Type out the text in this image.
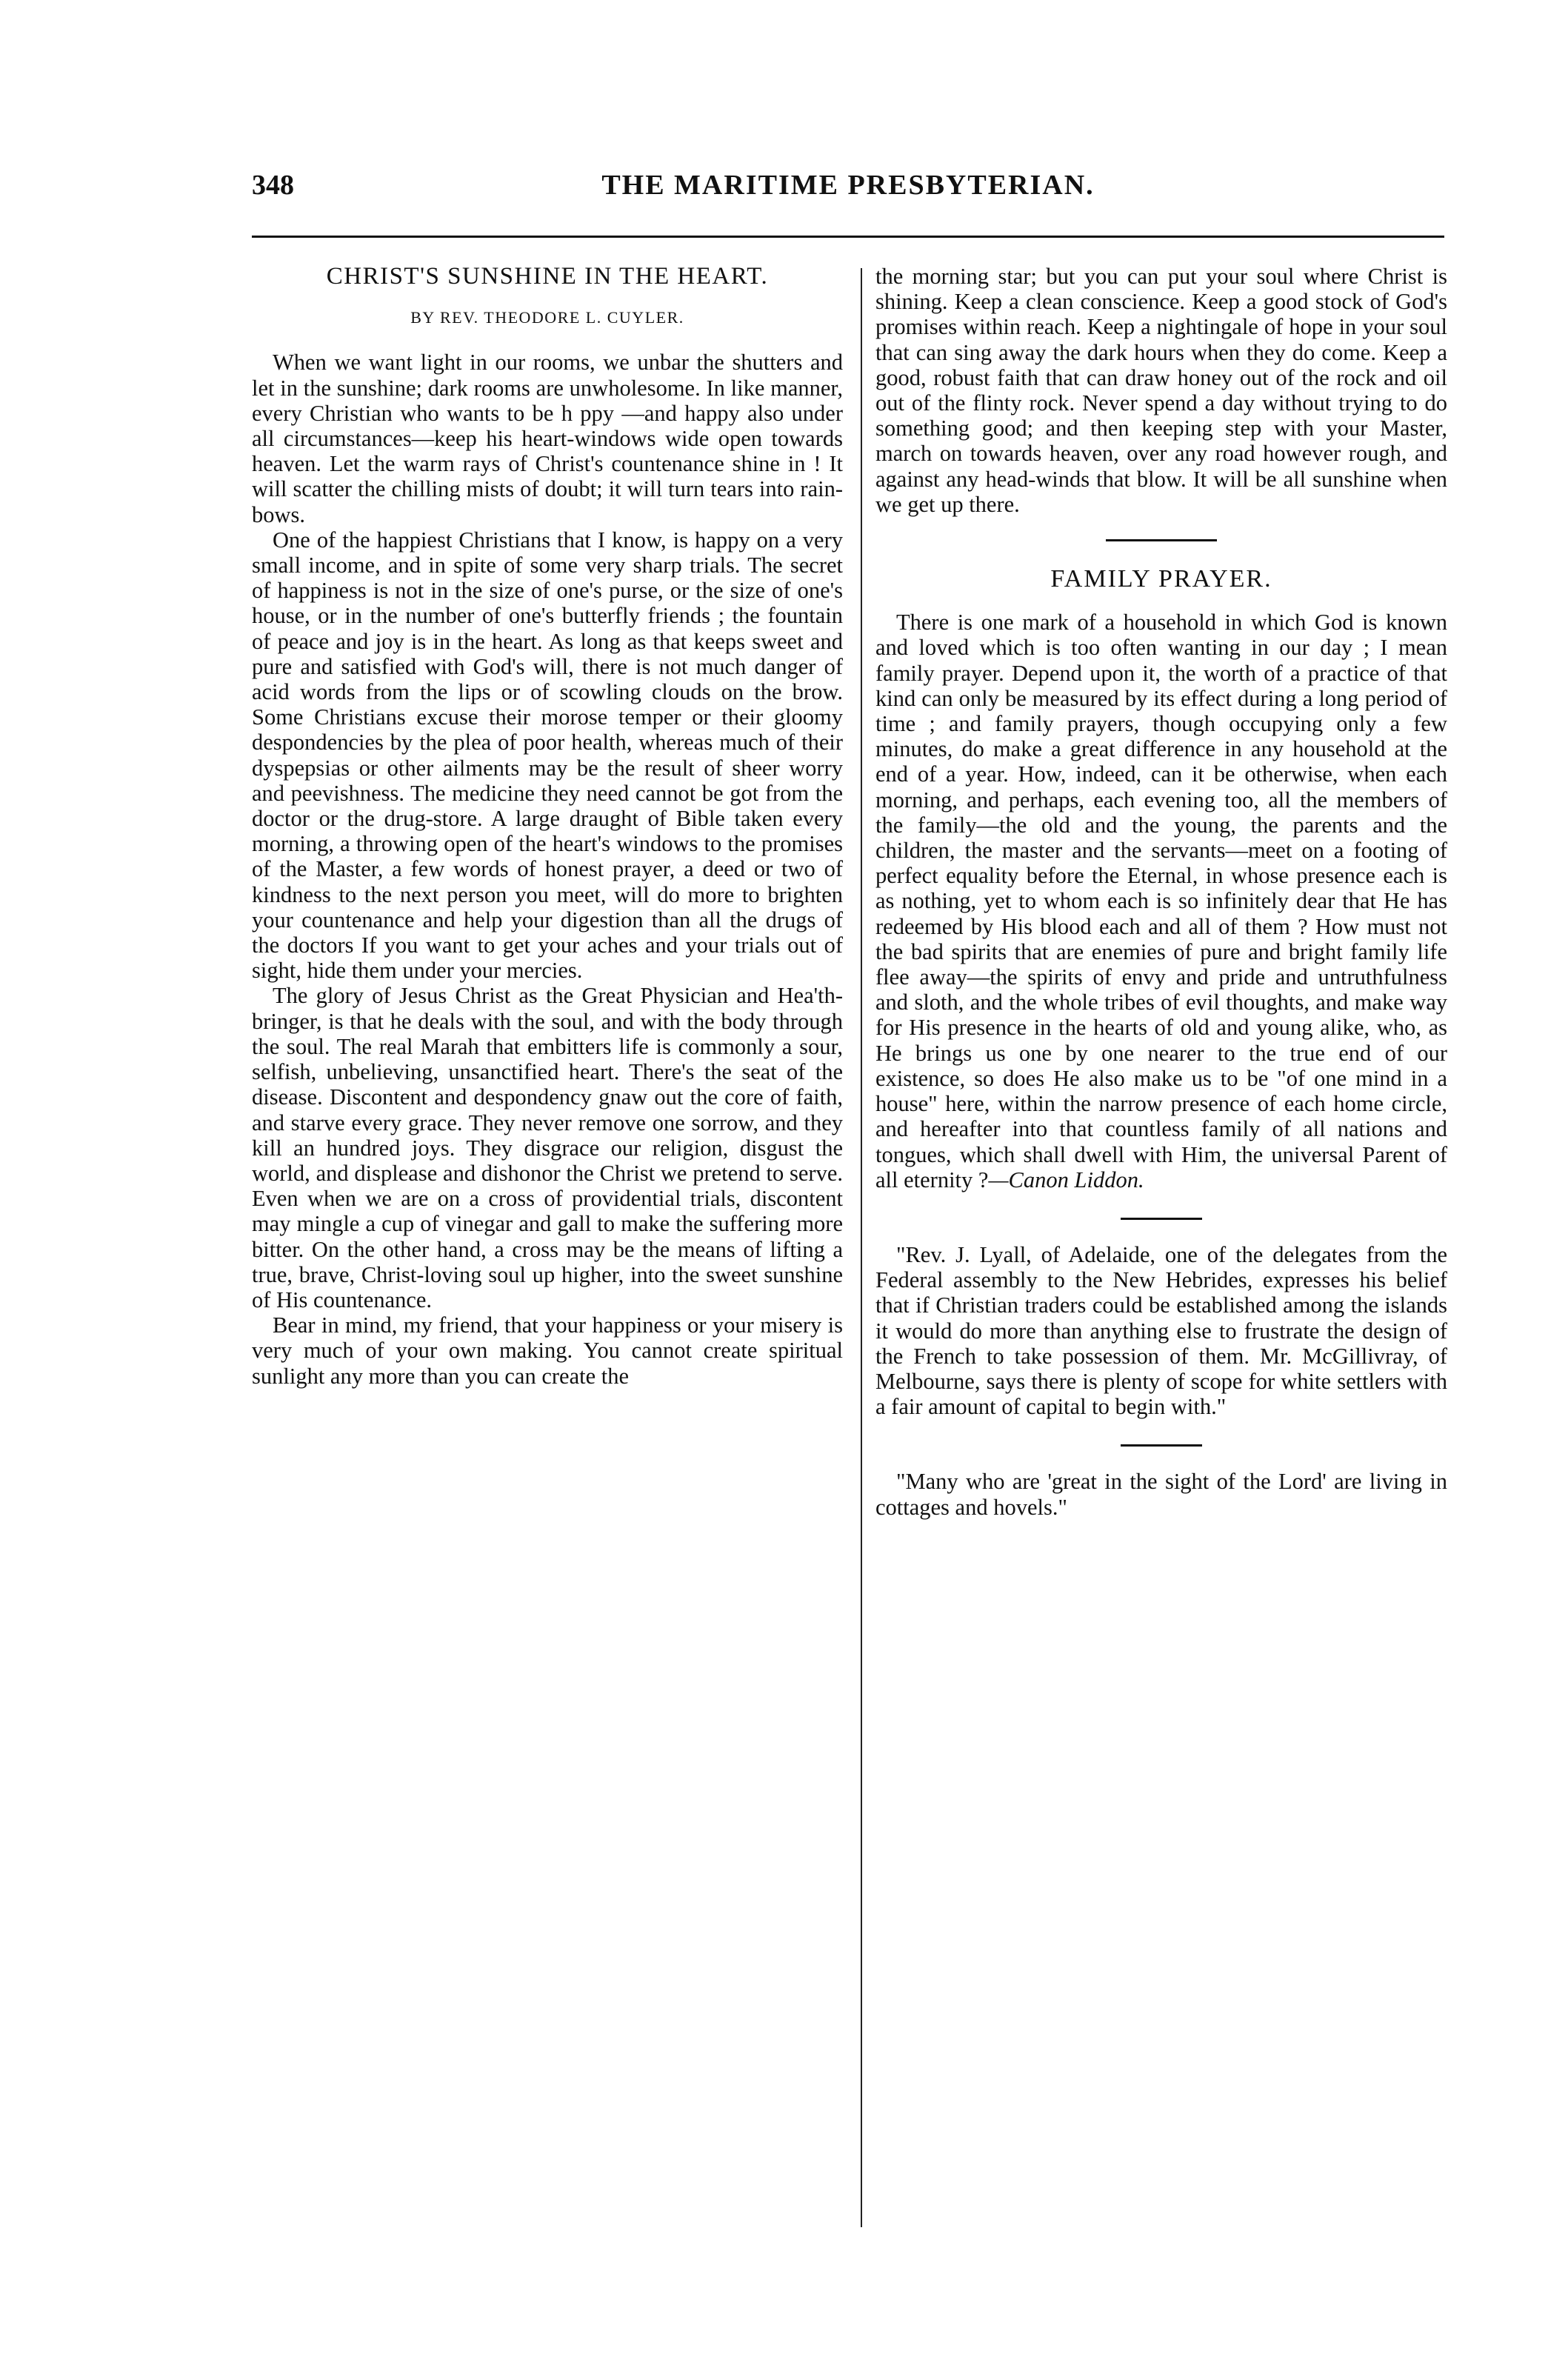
348	THE MARITIME PRESBYTERIAN.
CHRIST'S SUNSHINE IN THE HEART.
BY REV. THEODORE L. CUYLER.

When we want light in our rooms, we unbar the shutters and let in the sunshine; dark rooms are unwholesome. In like manner, every Christian who wants to be h ppy —and happy also under all circumstances—keep his heart-windows wide open towards heaven. Let the warm rays of Christ's countenance shine in ! It will scatter the chilling mists of doubt; it will turn tears into rain-bows.

One of the happiest Christians that I know, is happy on a very small income, and in spite of some very sharp trials. The secret of happiness is not in the size of one's purse, or the size of one's house, or in the number of one's butterfly friends ; the fountain of peace and joy is in the heart. As long as that keeps sweet and pure and satisfied with God's will, there is not much danger of acid words from the lips or of scowling clouds on the brow. Some Christians excuse their morose temper or their gloomy despondencies by the plea of poor health, whereas much of their dyspepsias or other ailments may be the result of sheer worry and peevishness. The medicine they need cannot be got from the doctor or the drug-store. A large draught of Bible taken every morning, a throwing open of the heart's windows to the promises of the Master, a few words of honest prayer, a deed or two of kindness to the next person you meet, will do more to brighten your countenance and help your digestion than all the drugs of the doctors If you want to get your aches and your trials out of sight, hide them under your mercies.

The glory of Jesus Christ as the Great Physician and Hea'th-bringer, is that he deals with the soul, and with the body through the soul. The real Marah that embitters life is commonly a sour, selfish, unbelieving, unsanctified heart. There's the seat of the disease. Discontent and despondency gnaw out the core of faith, and starve every grace. They never remove one sorrow, and they kill an hundred joys. They disgrace our religion, disgust the world, and displease and dishonor the Christ we pretend to serve. Even when we are on a cross of providential trials, discontent may mingle a cup of vinegar and gall to make the suffering more bitter. On the other hand, a cross may be the means of lifting a true, brave, Christ-loving soul up higher, into the sweet sunshine of His countenance.

Bear in mind, my friend, that your happiness or your misery is very much of your own making. You cannot create spiritual sunlight any more than you can create the

the morning star; but you can put your soul where Christ is shining. Keep a clean conscience. Keep a good stock of God's promises within reach. Keep a nightingale of hope in your soul that can sing away the dark hours when they do come. Keep a good, robust faith that can draw honey out of the rock and oil out of the flinty rock. Never spend a day without trying to do something good; and then keeping step with your Master, march on towards heaven, over any road however rough, and against any head-winds that blow. It will be all sunshine when we get up there.

FAMILY PRAYER.

There is one mark of a household in which God is known and loved which is too often wanting in our day ; I mean family prayer. Depend upon it, the worth of a practice of that kind can only be measured by its effect during a long period of time ; and family prayers, though occupying only a few minutes, do make a great difference in any household at the end of a year. How, indeed, can it be otherwise, when each morning, and perhaps, each evening too, all the members of the family—the old and the young, the parents and the children, the master and the servants—meet on a footing of perfect equality before the Eternal, in whose presence each is as nothing, yet to whom each is so infinitely dear that He has redeemed by His blood each and all of them ? How must not the bad spirits that are enemies of pure and bright family life flee away—the spirits of envy and pride and untruthfulness and sloth, and the whole tribes of evil thoughts, and make way for His presence in the hearts of old and young alike, who, as He brings us one by one nearer to the true end of our existence, so does He also make us to be "of one mind in a house" here, within the narrow presence of each home circle, and hereafter into that countless family of all nations and tongues, which shall dwell with Him, the universal Parent of all eternity ?—Canon Liddon.

"Rev. J. Lyall, of Adelaide, one of the delegates from the Federal assembly to the New Hebrides, expresses his belief that if Christian traders could be established among the islands it would do more than anything else to frustrate the design of the French to take possession of them. Mr. McGillivray, of Melbourne, says there is plenty of scope for white settlers with a fair amount of capital to begin with."

"Many who are 'great in the sight of the Lord' are living in cottages and hovels."
